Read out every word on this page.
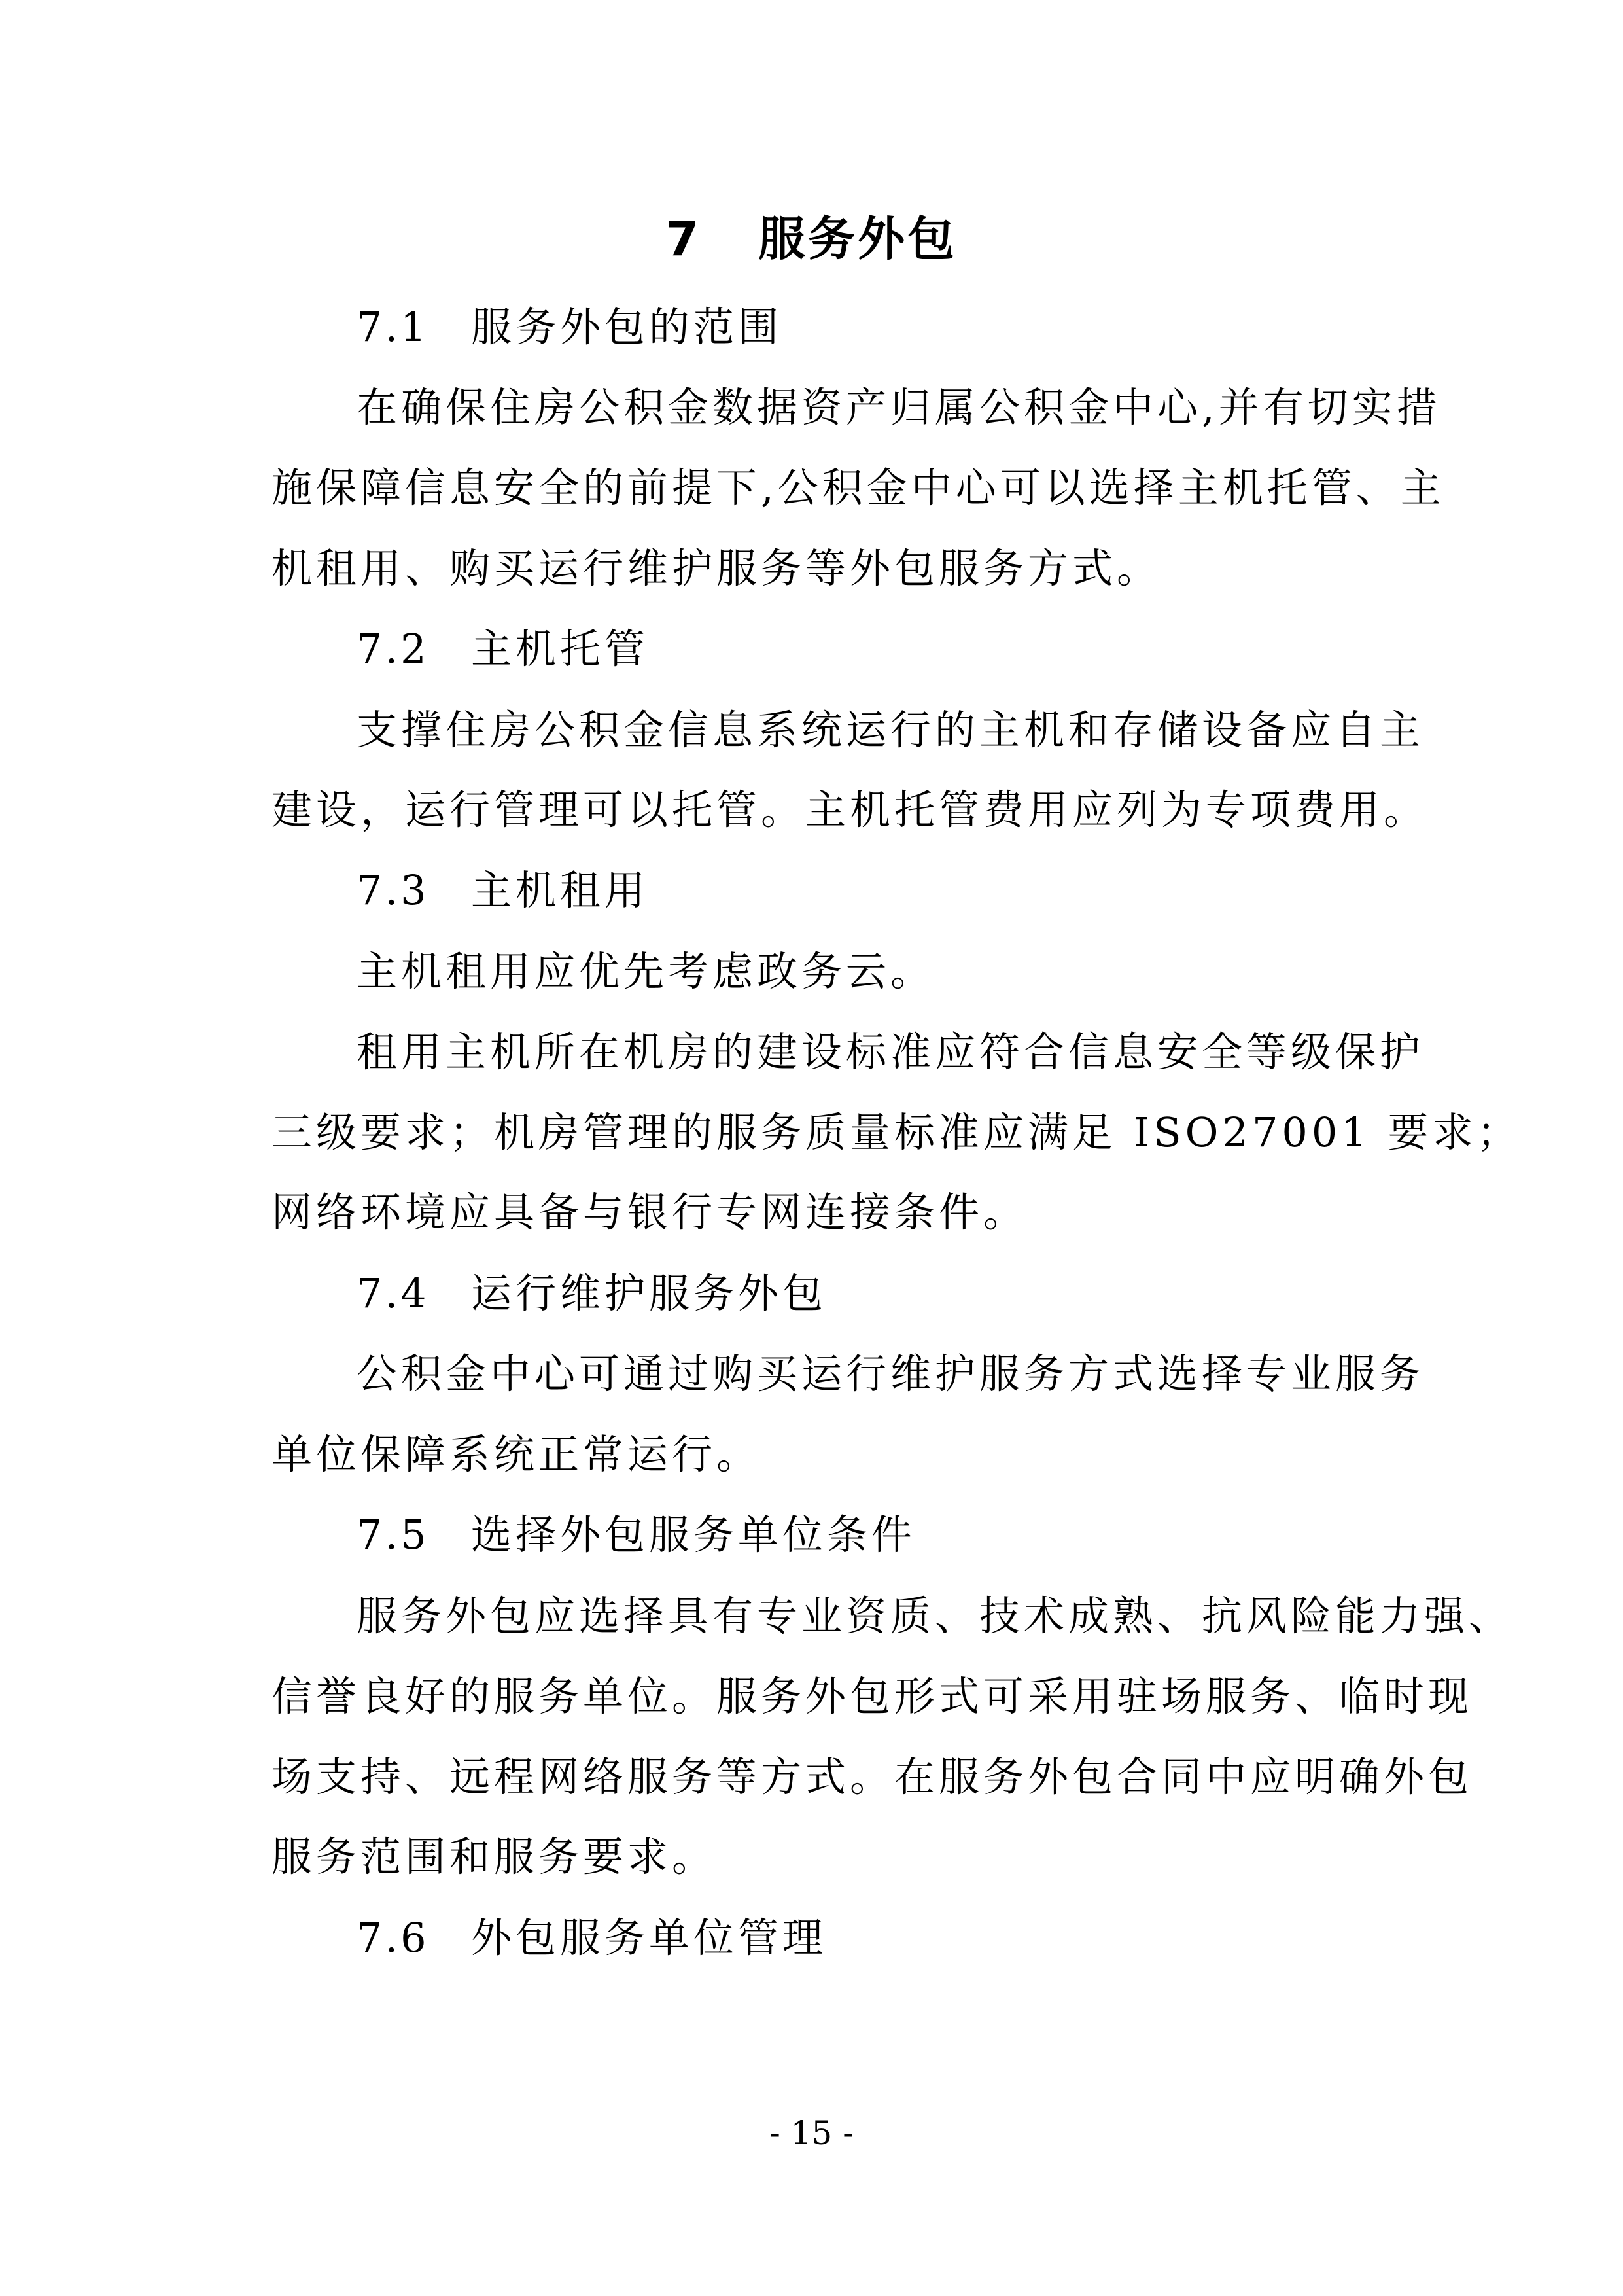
7   服务外包
7.1 服务外包的范围
在确保住房公积金数据资产归属公积金中心,并有切实措
施保障信息安全的前提下,公积金中心可以选择主机托管、主
机租用、购买运行维护服务等外包服务方式。
7.2 主机托管
支撑住房公积金信息系统运行的主机和存储设备应自主
建设，运行管理可以托管。主机托管费用应列为专项费用。
7.3 主机租用
主机租用应优先考虑政务云。
租用主机所在机房的建设标准应符合信息安全等级保护
三级要求；机房管理的服务质量标准应满足 ISO27001 要求；
网络环境应具备与银行专网连接条件。
7.4 运行维护服务外包
公积金中心可通过购买运行维护服务方式选择专业服务
单位保障系统正常运行。
7.5 选择外包服务单位条件
服务外包应选择具有专业资质、技术成熟、抗风险能力强、
信誉良好的服务单位。服务外包形式可采用驻场服务、临时现
场支持、远程网络服务等方式。在服务外包合同中应明确外包
服务范围和服务要求。
7.6 外包服务单位管理
- 15 -
